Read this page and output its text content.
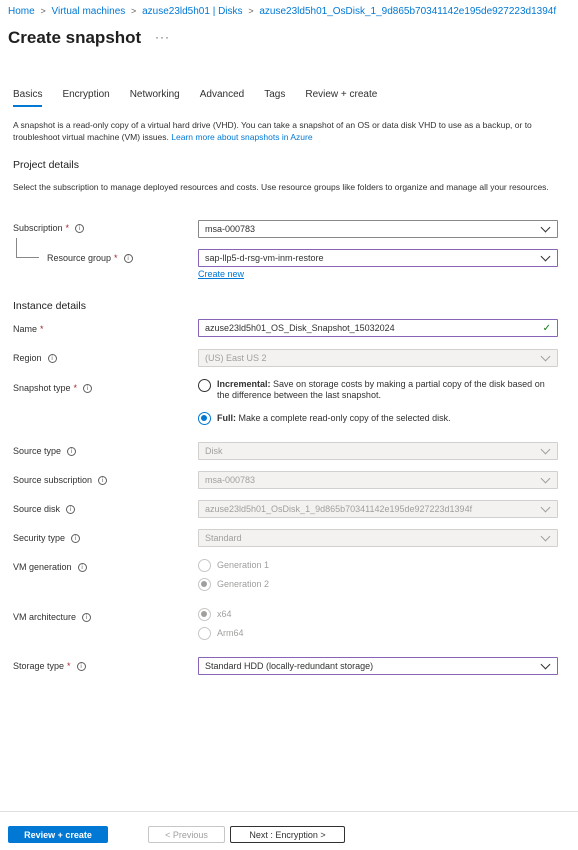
Home > Virtual machines > azuse23ld5h01 | Disks > azuse23ld5h01_OsDisk_1_9d865b70341142e195de927223d1394f
Create snapshot ···
Basics Encryption Networking Advanced Tags Review + create
A snapshot is a read-only copy of a virtual hard drive (VHD). You can take a snapshot of an OS or data disk VHD to use as a backup, or to troubleshoot virtual machine (VM) issues. Learn more about snapshots in Azure
Project details
Select the subscription to manage deployed resources and costs. Use resource groups like folders to organize and manage all your resources.
Subscription *	i	msa-000783
Resource group *	i	sap-llp5-d-rsg-vm-inm-restore
Create new
Instance details
Name *	azuse23ld5h01_OS_Disk_Snapshot_15032024	✓
Region	i	(US) East US 2
Snapshot type *	i	Incremental: Save on storage costs by making a partial copy of the disk based on the difference between the last snapshot.
Full: Make a complete read-only copy of the selected disk.
Source type	i	Disk
Source subscription	i	msa-000783
Source disk	i	azuse23ld5h01_OsDisk_1_9d865b70341142e195de927223d1394f
Security type	i	Standard
VM generation	i	Generation 1
Generation 2
VM architecture	i	x64
Arm64
Storage type *	i	Standard HDD (locally-redundant storage)
Review + create	< Previous	Next : Encryption >
